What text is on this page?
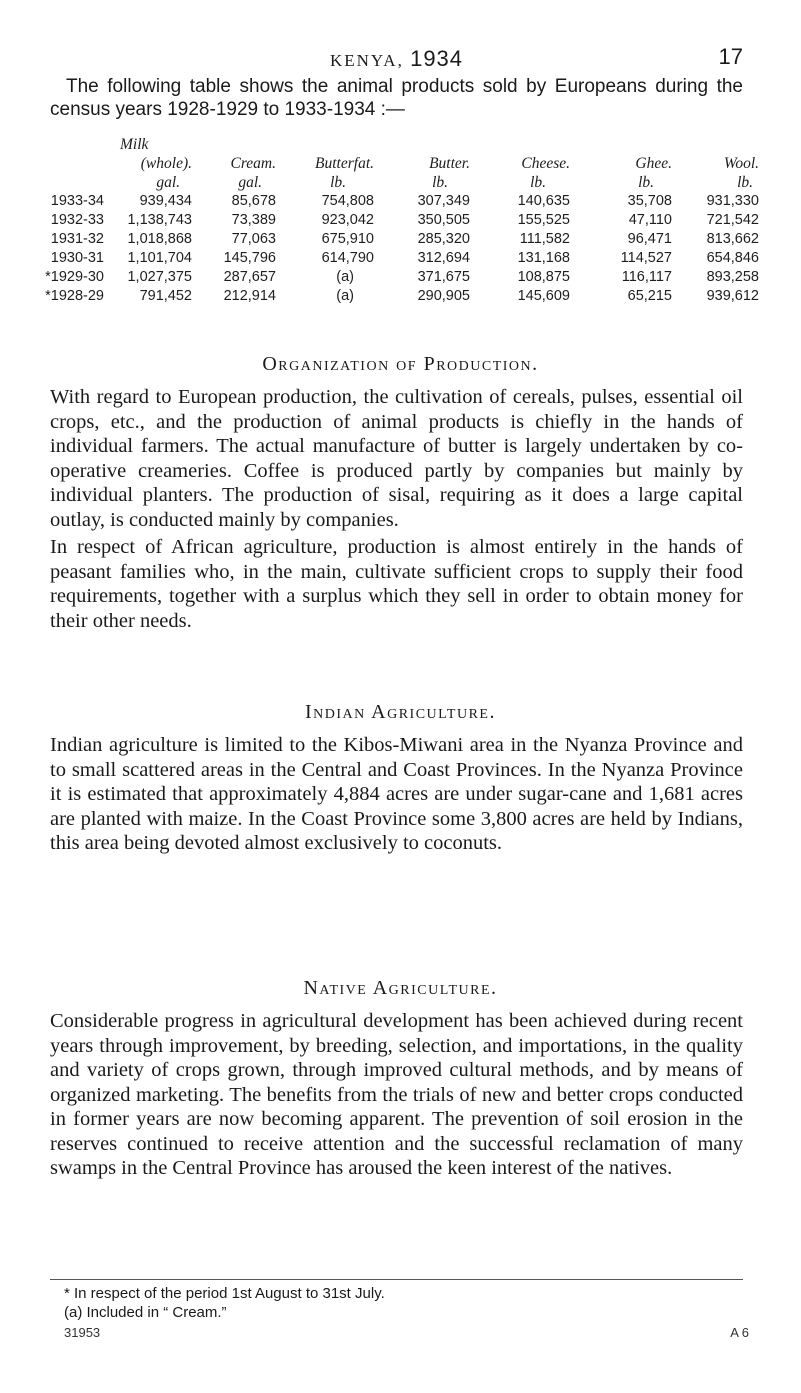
KENYA, 1934	17

The following table shows the animal products sold by Europeans during the census years 1928-1929 to 1933-1934 :—

	Milk						
	(whole).	Cream.	Butterfat.	Butter.	Cheese.	Ghee.	Wool.
	gal.	gal.	lb.	lb.	lb.	lb.	lb.
1933-34	939,434	85,678	754,808	307,349	140,635	35,708	931,330
1932-33	1,138,743	73,389	923,042	350,505	155,525	47,110	721,542
1931-32	1,018,868	77,063	675,910	285,320	111,582	96,471	813,662
1930-31	1,101,704	145,796	614,790	312,694	131,168	114,527	654,846
*1929-30	1,027,375	287,657	(a)	371,675	108,875	116,117	893,258
*1928-29	791,452	212,914	(a)	290,905	145,609	65,215	939,612
Organization of Production.

With regard to European production, the cultivation of cereals, pulses, essential oil crops, etc., and the production of animal products is chiefly in the hands of individual farmers. The actual manufacture of butter is largely undertaken by co-operative creameries. Coffee is produced partly by companies but mainly by individual planters. The production of sisal, requiring as it does a large capital outlay, is conducted mainly by companies.

In respect of African agriculture, production is almost entirely in the hands of peasant families who, in the main, cultivate sufficient crops to supply their food requirements, together with a surplus which they sell in order to obtain money for their other needs.

Indian Agriculture.

Indian agriculture is limited to the Kibos-Miwani area in the Nyanza Province and to small scattered areas in the Central and Coast Provinces. In the Nyanza Province it is estimated that approximately 4,884 acres are under sugar-cane and 1,681 acres are planted with maize. In the Coast Province some 3,800 acres are held by Indians, this area being devoted almost exclusively to coconuts.

Native Agriculture.

Considerable progress in agricultural development has been achieved during recent years through improvement, by breeding, selection, and importations, in the quality and variety of crops grown, through improved cultural methods, and by means of organized marketing. The benefits from the trials of new and better crops conducted in former years are now becoming apparent. The prevention of soil erosion in the reserves continued to receive attention and the successful reclamation of many swamps in the Central Province has aroused the keen interest of the natives.

* In respect of the period 1st August to 31st July.
(a) Included in “ Cream.”
31953	A 6
